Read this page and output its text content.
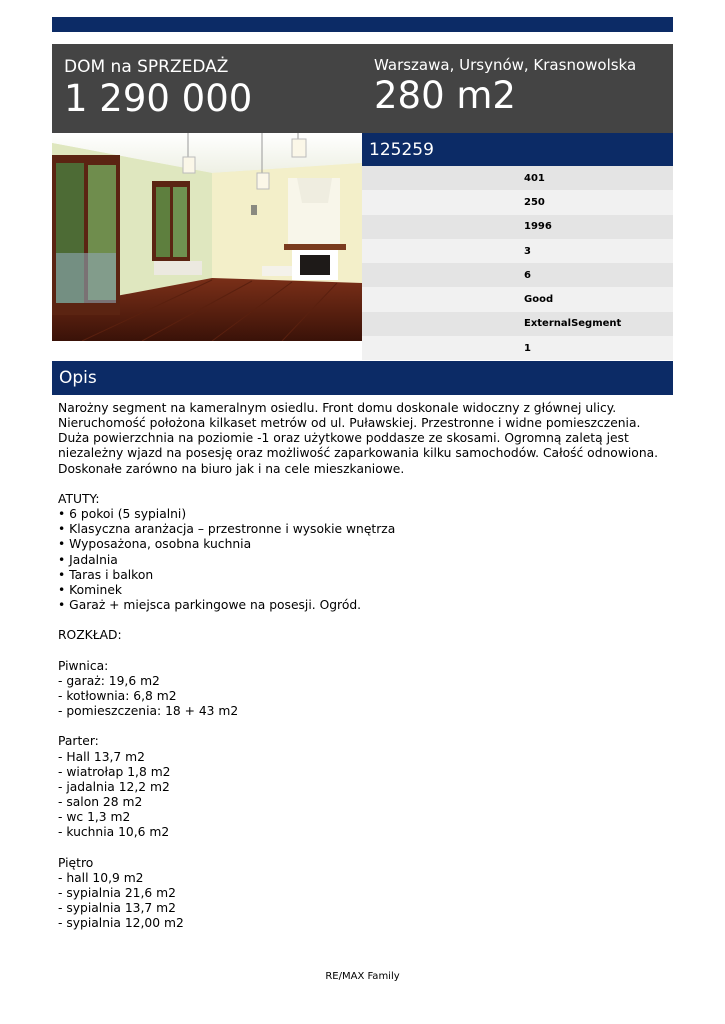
DOM na SPRZEDAŻ
1 290 000
Warszawa, Ursynów, Krasnowolska
280 m2
125259
401
250
1996
3
6
Good
ExternalSegment
1
Opis
Narożny segment na kameralnym osiedlu. Front domu doskonale widoczny z głównej ulicy. Nieruchomość położona kilkaset metrów od ul. Puławskiej. Przestronne i widne pomieszczenia. Duża powierzchnia na poziomie -1 oraz użytkowe poddasze ze skosami. Ogromną zaletą jest niezależny wjazd na posesję oraz możliwość zaparkowania kilku samochodów. Całość odnowiona. Doskonałe zarówno na biuro jak i na cele mieszkaniowe.

ATUTY:
• 6 pokoi (5 sypialni)
• Klasyczna aranżacja – przestronne i wysokie wnętrza
• Wyposażona, osobna kuchnia
• Jadalnia
• Taras i balkon
• Kominek
• Garaż + miejsca parkingowe na posesji. Ogród.

ROZKŁAD:

Piwnica:
- garaż: 19,6 m2
- kotłownia: 6,8 m2
- pomieszczenia: 18 + 43 m2

Parter:
- Hall 13,7 m2
- wiatrołap 1,8 m2
- jadalnia 12,2 m2
- salon 28 m2
- wc 1,3 m2
- kuchnia 10,6 m2

Piętro
- hall 10,9 m2
- sypialnia 21,6 m2
- sypialnia 13,7 m2
- sypialnia 12,00 m2
RE/MAX Family
